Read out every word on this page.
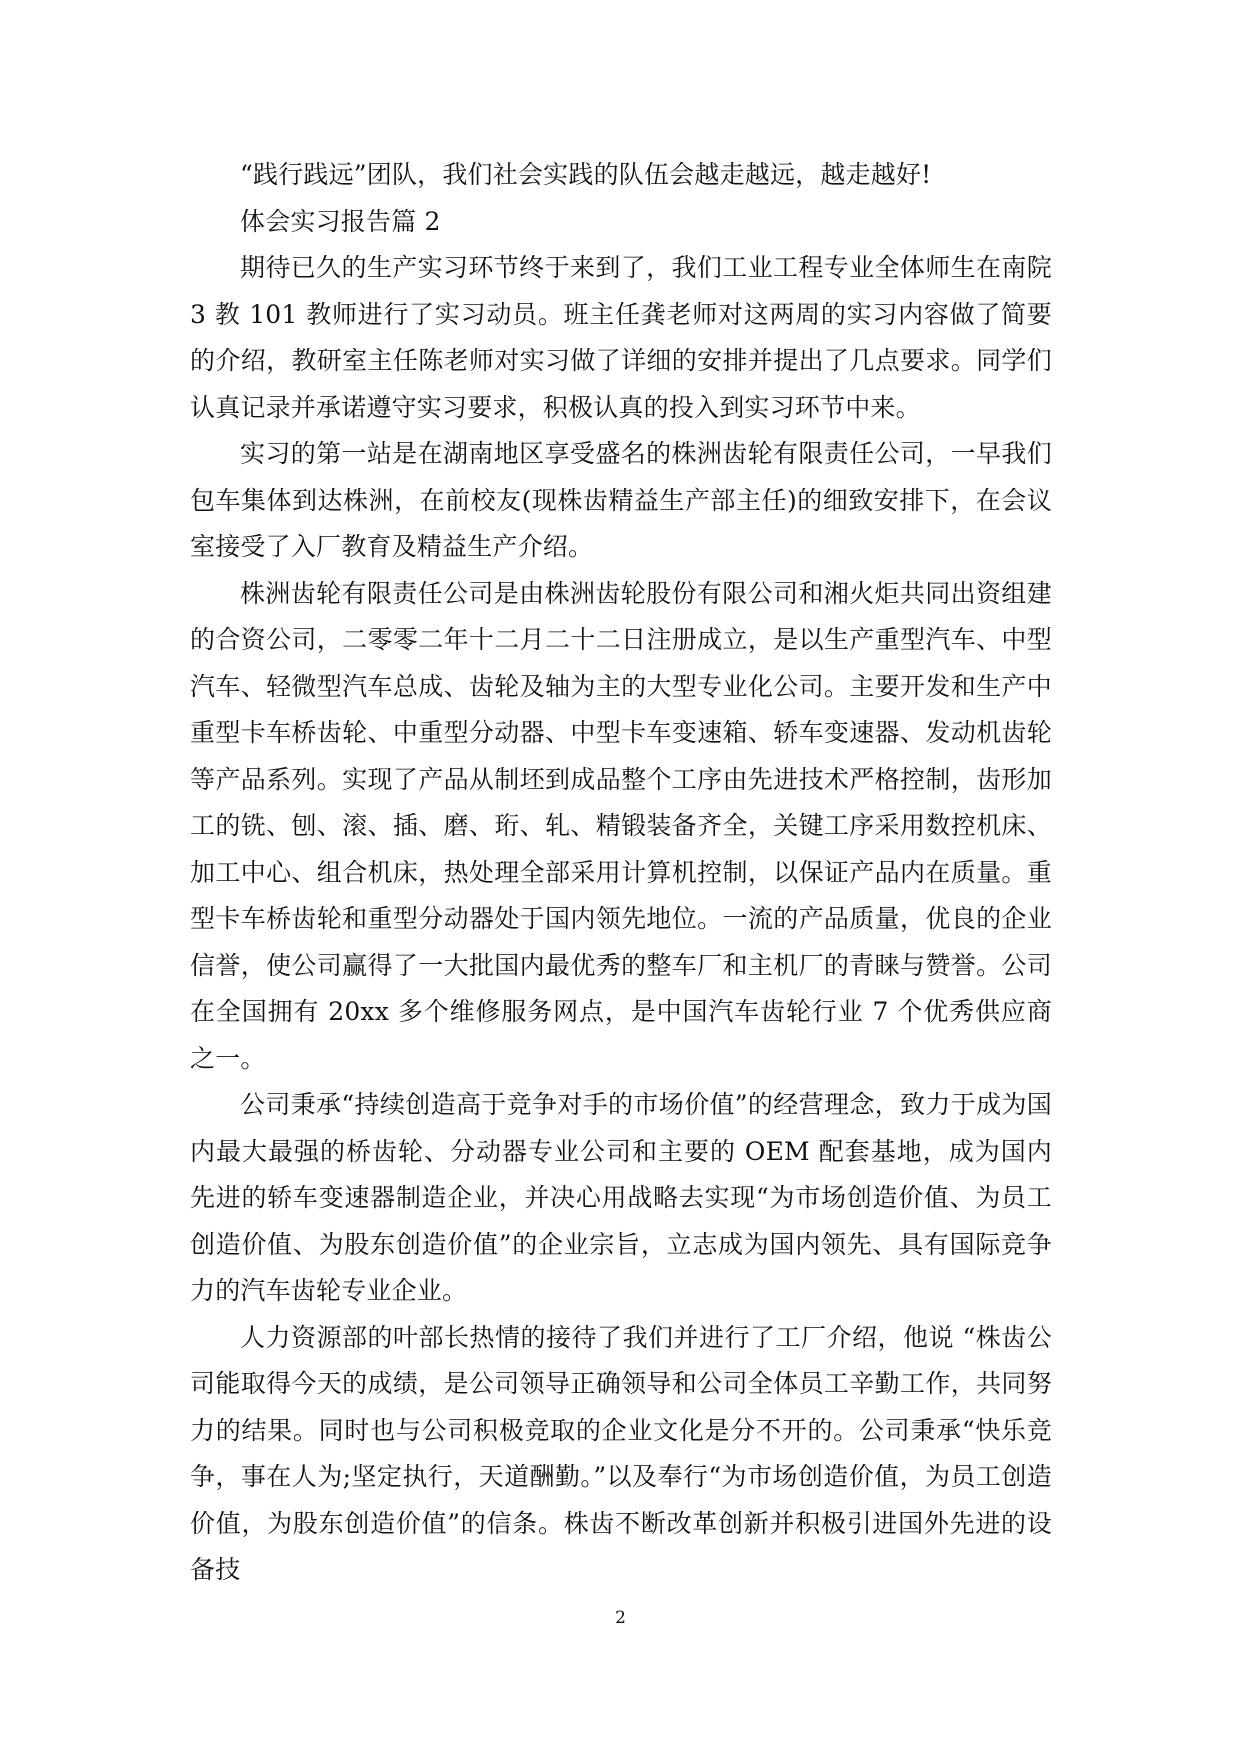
“践行践远”团队，我们社会实践的队伍会越走越远，越走越好!

体会实习报告篇 2

期待已久的生产实习环节终于来到了，我们工业工程专业全体师生在南院 3 教 101 教师进行了实习动员。班主任龚老师对这两周的实习内容做了简要的介绍，教研室主任陈老师对实习做了详细的安排并提出了几点要求。同学们认真记录并承诺遵守实习要求，积极认真的投入到实习环节中来。

实习的第一站是在湖南地区享受盛名的株洲齿轮有限责任公司，一早我们包车集体到达株洲，在前校友(现株齿精益生产部主任)的细致安排下，在会议室接受了入厂教育及精益生产介绍。

株洲齿轮有限责任公司是由株洲齿轮股份有限公司和湘火炬共同出资组建的合资公司，二零零二年十二月二十二日注册成立，是以生产重型汽车、中型汽车、轻微型汽车总成、齿轮及轴为主的大型专业化公司。主要开发和生产中重型卡车桥齿轮、中重型分动器、中型卡车变速箱、轿车变速器、发动机齿轮等产品系列。实现了产品从制坯到成品整个工序由先进技术严格控制，齿形加工的铣、刨、滚、插、磨、珩、轧、精锻装备齐全，关键工序采用数控机床、加工中心、组合机床，热处理全部采用计算机控制，以保证产品内在质量。重型卡车桥齿轮和重型分动器处于国内领先地位。一流的产品质量，优良的企业信誉，使公司赢得了一大批国内最优秀的整车厂和主机厂的青睐与赞誉。公司在全国拥有 20xx 多个维修服务网点，是中国汽车齿轮行业 7 个优秀供应商之一。

公司秉承“持续创造高于竞争对手的市场价值”的经营理念，致力于成为国内最大最强的桥齿轮、分动器专业公司和主要的 OEM 配套基地，成为国内先进的轿车变速器制造企业，并决心用战略去实现“为市场创造价值、为员工创造价值、为股东创造价值”的企业宗旨，立志成为国内领先、具有国际竞争力的汽车齿轮专业企业。

人力资源部的叶部长热情的接待了我们并进行了工厂介绍，他说 “株齿公司能取得今天的成绩，是公司领导正确领导和公司全体员工辛勤工作，共同努力的结果。同时也与公司积极竞取的企业文化是分不开的。公司秉承“快乐竞争，事在人为;坚定执行，天道酬勤。”以及奉行“为市场创造价值，为员工创造价值，为股东创造价值”的信条。株齿不断改革创新并积极引进国外先进的设备技

2
